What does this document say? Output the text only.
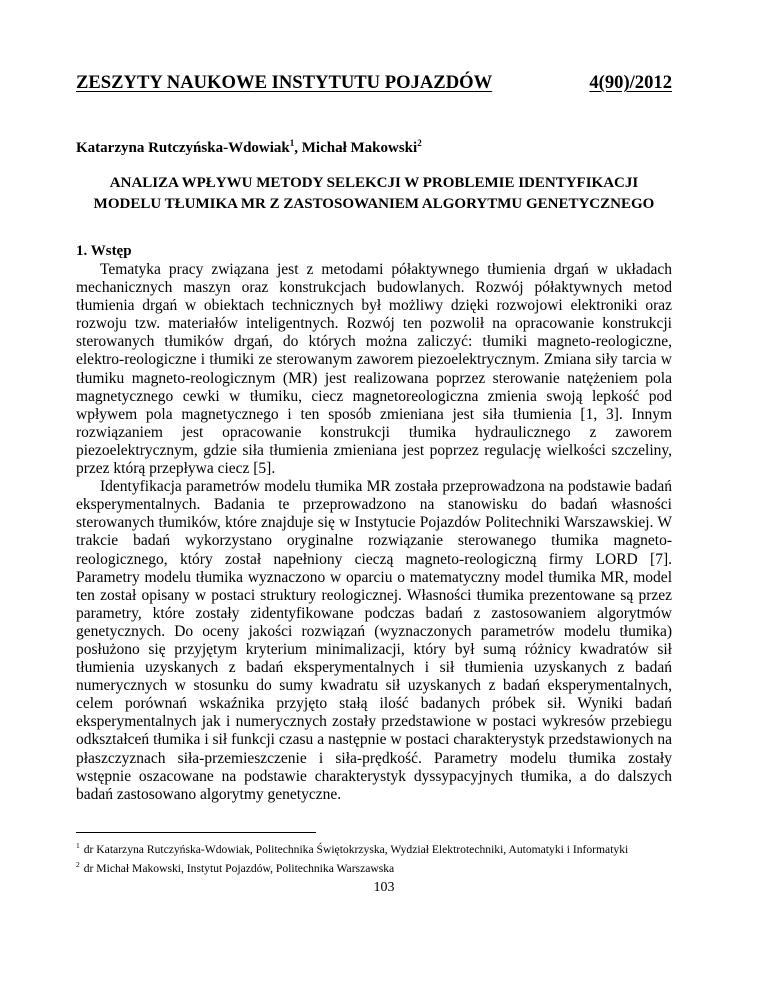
ZESZYTY NAUKOWE INSTYTUTU POJAZDÓW	4(90)/2012
Katarzyna Rutczyńska-Wdowiak$^1$, Michał Makowski$^2$
ANALIZA WPŁYWU METODY SELEKCJI W PROBLEMIE IDENTYFIKACJI MODELU TŁUMIKA MR Z ZASTOSOWANIEM ALGORYTMU GENETYCZNEGO
1. Wstęp

Tematyka pracy związana jest z metodami półaktywnego tłumienia drgań w układach mechanicznych maszyn oraz konstrukcjach budowlanych. Rozwój półaktywnych metod tłumienia drgań w obiektach technicznych był możliwy dzięki rozwojowi elektroniki oraz rozwoju tzw. materiałów inteligentnych. Rozwój ten pozwolił na opracowanie konstrukcji sterowanych tłumików drgań, do których można zaliczyć: tłumiki magneto-reologiczne, elektro-reologiczne i tłumiki ze sterowanym zaworem piezoelektrycznym. Zmiana siły tarcia w tłumiku magneto-reologicznym (MR) jest realizowana poprzez sterowanie natężeniem pola magnetycznego cewki w tłumiku, ciecz magnetoreologiczna zmienia swoją lepkość pod wpływem pola magnetycznego i ten sposób zmieniana jest siła tłumienia [1, 3]. Innym rozwiązaniem jest opracowanie konstrukcji tłumika hydraulicznego z zaworem piezoelektrycznym, gdzie siła tłumienia zmieniana jest poprzez regulację wielkości szczeliny, przez którą przepływa ciecz [5].

Identyfikacja parametrów modelu tłumika MR została przeprowadzona na podstawie badań eksperymentalnych. Badania te przeprowadzono na stanowisku do badań własności sterowanych tłumików, które znajduje się w Instytucie Pojazdów Politechniki Warszawskiej. W trakcie badań wykorzystano oryginalne rozwiązanie sterowanego tłumika magneto-reologicznego, który został napełniony cieczą magneto-reologiczną firmy LORD [7]. Parametry modelu tłumika wyznaczono w oparciu o matematyczny model tłumika MR, model ten został opisany w postaci struktury reologicznej. Własności tłumika prezentowane są przez parametry, które zostały zidentyfikowane podczas badań z zastosowaniem algorytmów genetycznych. Do oceny jakości rozwiązań (wyznaczonych parametrów modelu tłumika) posłużono się przyjętym kryterium minimalizacji, który był sumą różnicy kwadratów sił tłumienia uzyskanych z badań eksperymentalnych i sił tłumienia uzyskanych z badań numerycznych w stosunku do sumy kwadratu sił uzyskanych z badań eksperymentalnych, celem porównań wskaźnika przyjęto stałą ilość badanych próbek sił. Wyniki badań eksperymentalnych jak i numerycznych zostały przedstawione w postaci wykresów przebiegu odkształceń tłumika i sił funkcji czasu a następnie w postaci charakterystyk przedstawionych na płaszczyznach siła-przemieszczenie i siła-prędkość. Parametry modelu tłumika zostały wstępnie oszacowane na podstawie charakterystyk dyssypacyjnych tłumika, a do dalszych badań zastosowano algorytmy genetyczne.

$^1$ dr Katarzyna Rutczyńska-Wdowiak, Politechnika Świętokrzyska, Wydział Elektrotechniki, Automatyki i Informatyki

$^2$ dr Michał Makowski, Instytut Pojazdów, Politechnika Warszawska

103
